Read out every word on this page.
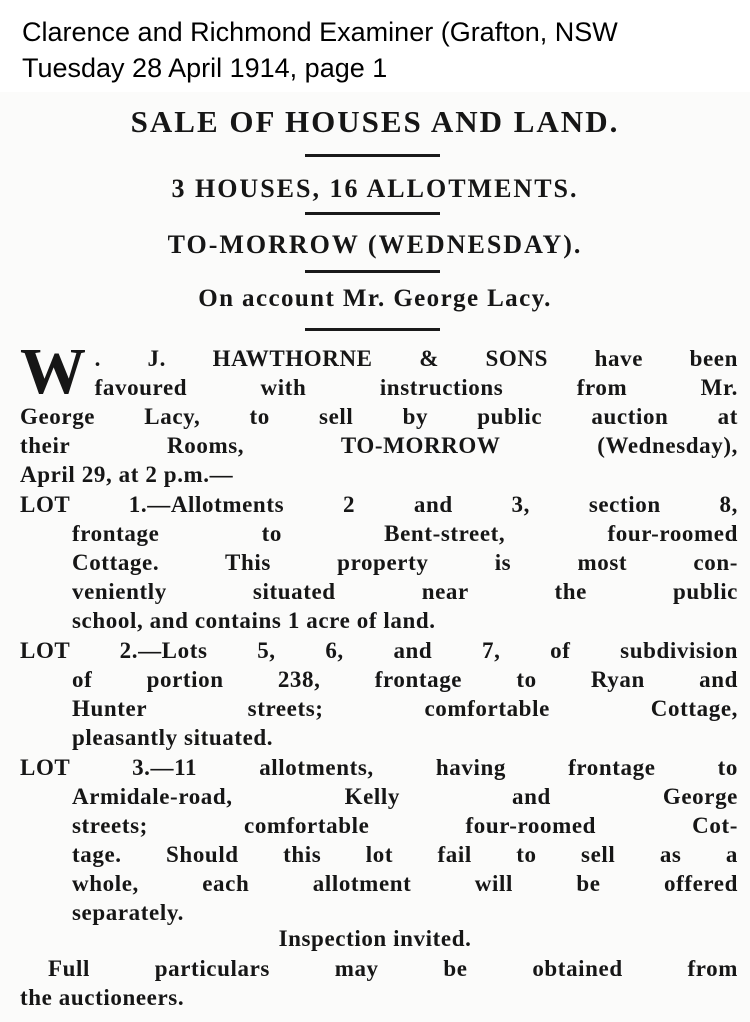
Clarence and Richmond Examiner (Grafton, NSW
Tuesday 28 April 1914, page 1
SALE OF HOUSES AND LAND.
3 HOUSES, 16 ALLOTMENTS.
TO-MORROW (WEDNESDAY).
On account Mr. George Lacy.
W . J. HAWTHORNE & SONS have been
favoured with instructions from Mr.
George Lacy, to sell by public auction at
their Rooms, TO-MORROW (Wednesday),
April 29, at 2 p.m.—
LOT 1.—Allotments 2 and 3, section 8,
frontage to Bent-street, four-roomed
Cottage. This property is most con-
veniently situated near the public
school, and contains 1 acre of land.
LOT 2.—Lots 5, 6, and 7, of subdivision
of portion 238, frontage to Ryan and
Hunter streets; comfortable Cottage,
pleasantly situated.
LOT 3.—11 allotments, having frontage to
Armidale-road, Kelly and George
streets; comfortable four-roomed Cot-
tage. Should this lot fail to sell as a
whole, each allotment will be offered
separately.
Inspection invited.
Full particulars may be obtained from
the auctioneers.
